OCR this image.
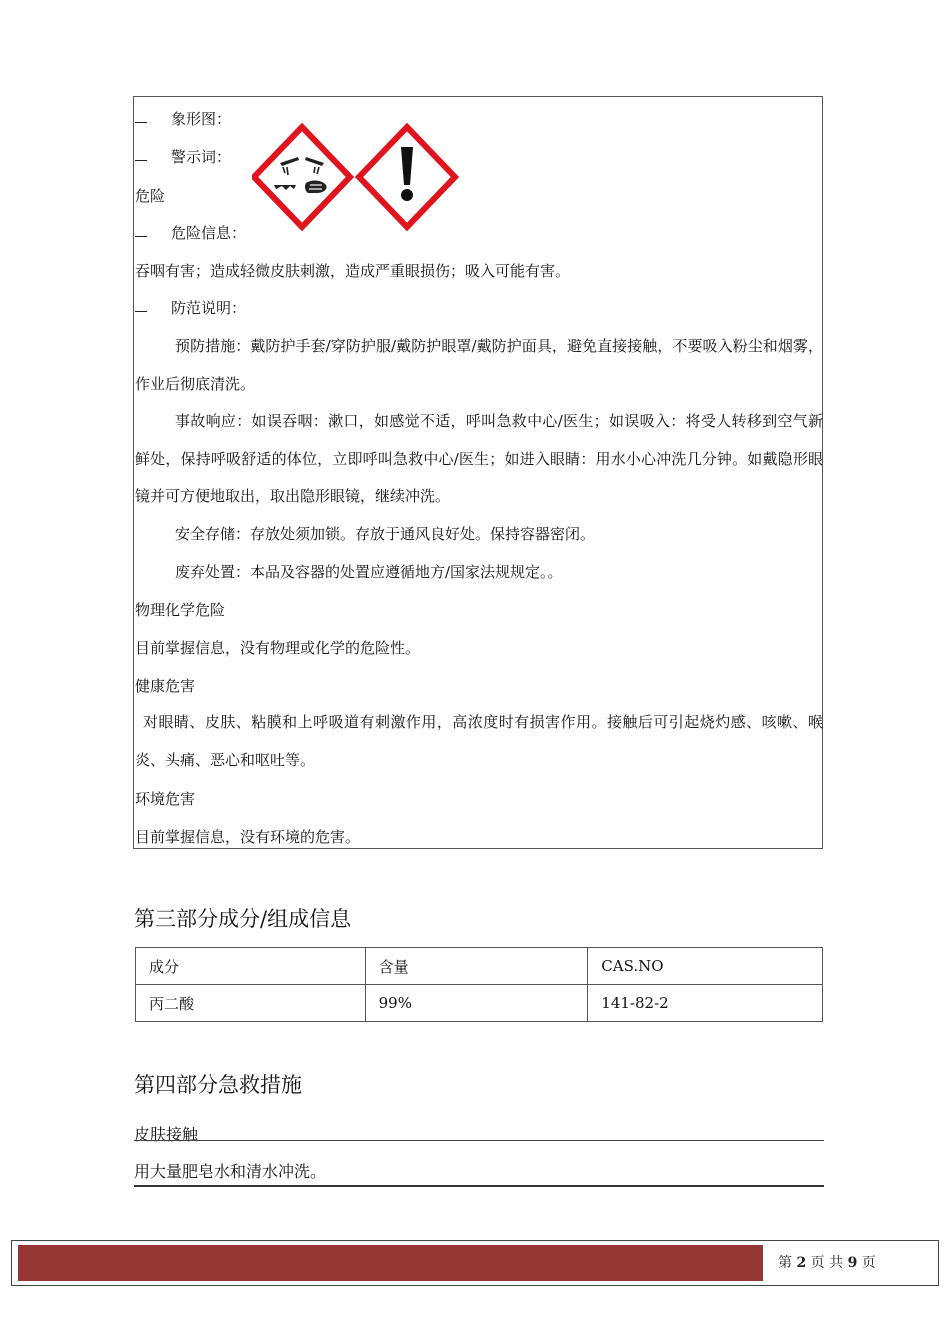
象形图：
警示词：
危险
危险信息：
吞咽有害；造成轻微皮肤刺激，造成严重眼损伤；吸入可能有害。
防范说明：
预防措施：戴防护手套/穿防护服/戴防护眼罩/戴防护面具，避免直接接触，不要吸入粉尘和烟雾，作业后彻底清洗。
事故响应：如误吞咽：漱口，如感觉不适，呼叫急救中心/医生；如误吸入：将受人转移到空气新鲜处，保持呼吸舒适的体位，立即呼叫急救中心/医生；如进入眼睛：用水小心冲洗几分钟。如戴隐形眼镜并可方便地取出，取出隐形眼镜，继续冲洗。
安全存储：存放处须加锁。存放于通风良好处。保持容器密闭。
废弃处置：本品及容器的处置应遵循地方/国家法规规定。。
物理化学危险
目前掌握信息，没有物理或化学的危险性。
健康危害
对眼睛、皮肤、粘膜和上呼吸道有刺激作用，高浓度时有损害作用。接触后可引起烧灼感、咳嗽、喉炎、头痛、恶心和呕吐等。
环境危害
目前掌握信息，没有环境的危害。
第三部分成分/组成信息
成分	含量	CAS.NO
丙二酸	99%	141-82-2
第四部分急救措施
皮肤接触
用大量肥皂水和清水冲洗。
第 2 页 共 9 页
